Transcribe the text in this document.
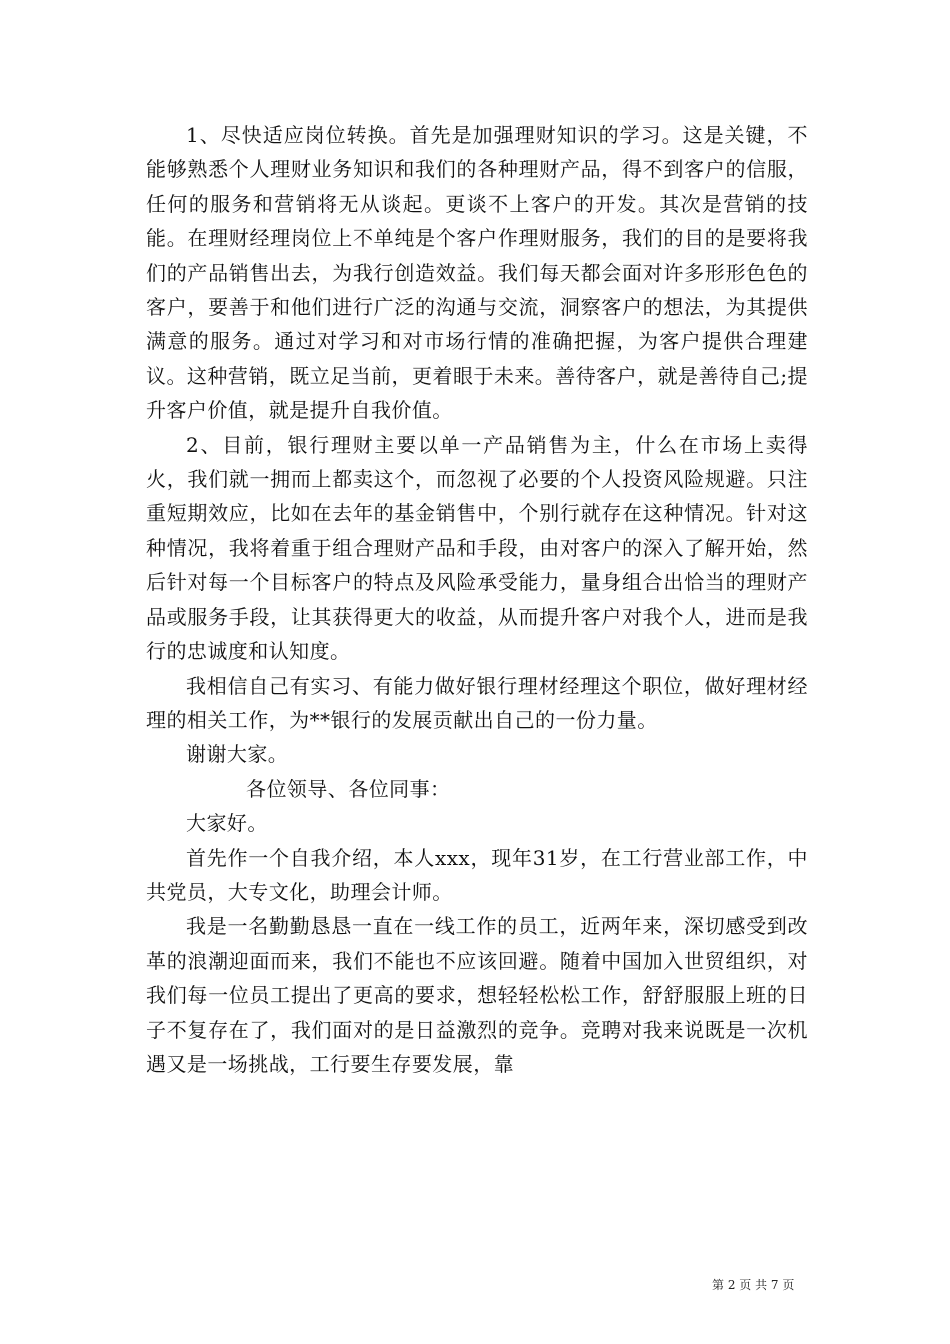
1、尽快适应岗位转换。首先是加强理财知识的学习。这是关键，不能够熟悉个人理财业务知识和我们的各种理财产品，得不到客户的信服，任何的服务和营销将无从谈起。更谈不上客户的开发。其次是营销的技能。在理财经理岗位上不单纯是个客户作理财服务，我们的目的是要将我们的产品销售出去，为我行创造效益。我们每天都会面对许多形形色色的客户，要善于和他们进行广泛的沟通与交流，洞察客户的想法，为其提供满意的服务。通过对学习和对市场行情的准确把握，为客户提供合理建议。这种营销，既立足当前，更着眼于未来。善待客户，就是善待自己;提升客户价值，就是提升自我价值。

2、目前，银行理财主要以单一产品销售为主，什么在市场上卖得火，我们就一拥而上都卖这个，而忽视了必要的个人投资风险规避。只注重短期效应，比如在去年的基金销售中，个别行就存在这种情况。针对这种情况，我将着重于组合理财产品和手段，由对客户的深入了解开始，然后针对每一个目标客户的特点及风险承受能力，量身组合出恰当的理财产品或服务手段，让其获得更大的收益，从而提升客户对我个人，进而是我行的忠诚度和认知度。

我相信自己有实习、有能力做好银行理材经理这个职位，做好理材经理的相关工作，为**银行的发展贡献出自己的一份力量。

谢谢大家。

各位领导、各位同事：

大家好。

首先作一个自我介绍，本人xxx，现年31岁，在工行营业部工作，中共党员，大专文化，助理会计师。

我是一名勤勤恳恳一直在一线工作的员工，近两年来，深切感受到改革的浪潮迎面而来，我们不能也不应该回避。随着中国加入世贸组织，对我们每一位员工提出了更高的要求，想轻轻松松工作，舒舒服服上班的日子不复存在了，我们面对的是日益激烈的竞争。竞聘对我来说既是一次机遇又是一场挑战，工行要生存要发展，靠

第 2 页 共 7 页
